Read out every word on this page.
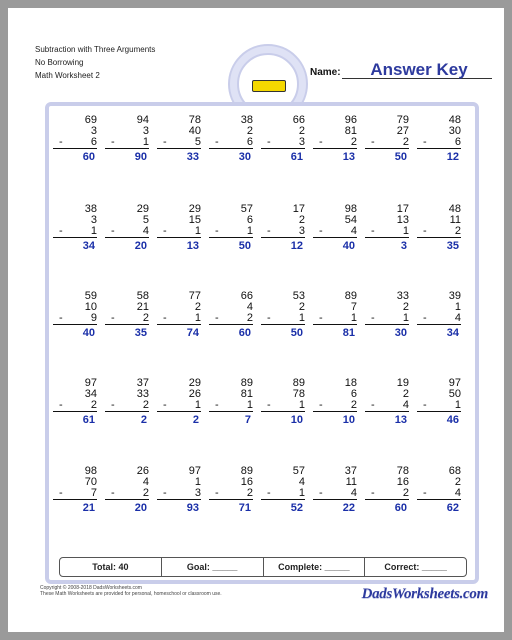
Subtraction with Three Arguments
No Borrowing
Math Worksheet 2	Name:	Answer Key
69
3
-	6
60
94
3
-	1
90
78
40
-	5
33
38
2
-	6
30
66
2
-	3
61
96
81
-	2
13
79
27
-	2
50
48
30
-	6
12
38
3
-	1
34
29
5
-	4
20
29
15
-	1
13
57
6
-	1
50
17
2
-	3
12
98
54
-	4
40
17
13
-	1
3
48
11
-	2
35
59
10
-	9
40
58
21
-	2
35
77
2
-	1
74
66
4
-	2
60
53
2
-	1
50
89
7
-	1
81
33
2
-	1
30
39
1
-	4
34
97
34
-	2
61
37
33
-	2
2
29
26
-	1
2
89
81
-	1
7
89
78
-	1
10
18
6
-	2
10
19
2
-	4
13
97
50
-	1
46
98
70
-	7
21
26
4
-	2
20
97
1
-	3
93
89
16
-	2
71
57
4
-	1
52
37
11
-	4
22
78
16
-	2
60
68
2
-	4
62
Total: 40	Goal: _____	Complete: _____	Correct: _____
Copyright © 2008-2018 DadsWorksheets.com
These Math Worksheets are provided for personal, homeschool or classroom use.	DadsWorksheets.com
